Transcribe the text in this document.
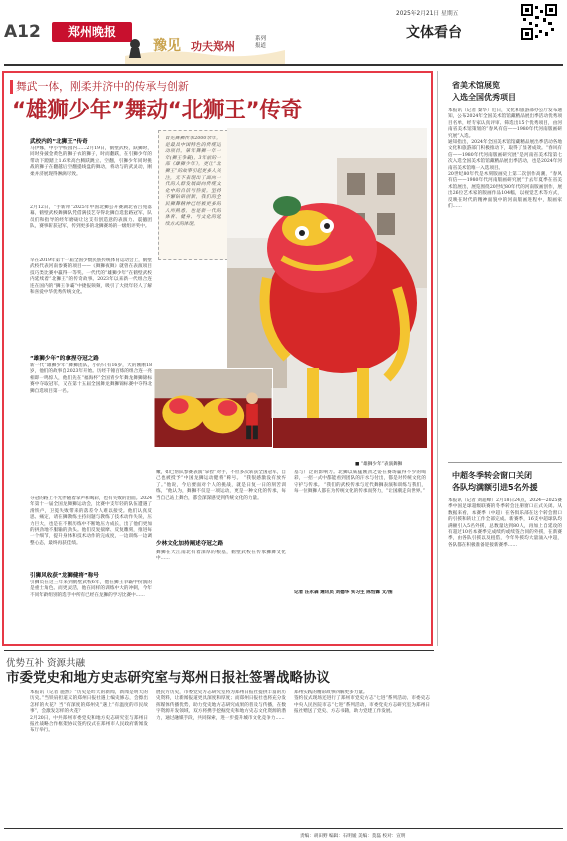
A12	郑州晚报
豫见 功夫郑州
系列
报道
2025年2月21日 星期五
文体看台
舞武一体，刚柔并济中的传承与创新
“雄狮少年”舞动“北狮王”传奇
武校内的“北狮王”传奇
马伊娜，中小学校园内……2月19日，鹤壁武校，跃狮时，同时身披金黄色的狮子衣的狮子，时而翻跃，在引狮少年的带动下蹬踏上1.6米高台腾跃跳立、空翻，引狮少年同时挑战的狮子在翻越后空翻提线盘的舞动，将动与的武灵动，刚柔并济展现得淋漓尽致。
2月12日，“手新拜”2025年中国北狮公开赛湖北省吕苑落幕，鹤壁武校舞狮队凭借满技艺夺得北狮自选套路冠军，队员们和指导的经年磨砺让这支有创造意的表演力、震撼团队，赛事斩获冠军，传到更多的北狮赛场的一级组评奖中。
早在2019年第十一届全国少数民族传统体育运动会上，鹤壁武校代表河南参赛的项目——《舞狮夜舞》就曾在表演项目技巧类比赛中赢得一等奖。一代代的“雄狮少年”在鹤壁武校内延续着“北狮王”的传奇故事。2023年以来新一代组合连连在国内的“狮王争霸”中捷报频频，吸引了大批年轻人了解和喜爱中华优秀传统文化。
“雄狮少年”的拿捏夺冠之路
新一代“雄狮少年”舞狮团队，小的只有16岁，大的刚刚18岁，他们的故事自2023年开始。历经千锤百炼的组合连一亮相即一鸣惊人，他们先在“福海杯”全国青少年舞龙舞狮锦标赛中夺取冠军，又在第十五届全国舞龙舞狮锦标赛中夺得北狮自选项目第一名。
夺冠的路上不光伴随着掌声和喝彩，也有失败的泪面。2024年第十一届全国龙舞狮运动会，比赛中支年轻的队伍遭遇了滑铁卢，卫冕失败带来的落差令人难以接受。他们认真反思、痛定，请在狮教练主持问题与教练了技术动作失误，压力巨大，也是在不断历练中不断地压力成长，出了他们更加的拼劲地不服输的劲头。他们反复揣摩、反复雕刻，推进每一个细节，提升身体和技术动作的完成度，一边训练一边调整心态，最终再获佳绩。
引狮风收获“龙狮健将”称号
引狮员在这三年来到鹤壁武校6年，他在狮王争霸中扮演的是重士角色。而更灵活，他在同样的训练中大的冲刺，今年不同年龄组别的选手中所有已经在龙狮的学习比赛中……
首先舞狮传承2000余年，是最具中国特色的传统运动项目。第年舞狮一年一年(狮王争霸)，3年前的一部《雄狮少年》，更让“北狮王”的故事引起更多人关注，无不表现出了面向一代的人群发展面向传统文化中的自信与热爱。坚持不懈钻研创新，我们的全民狮舞精神已经被更多的人所熟悉，也是新一代的体育、健身、与文化的延续方式的体现。
■ “雄狮少年”表演舞狮
嫩，如已帮队参赛表演“拿捏”对手，不但多次斩获全国冠军，自己也被授予“中国龙狮运动健将”称号。 “我很感激没有放弃了。”他说，今后要面对个人的挑战，就是日复一日的刻苦训练，“他认为，舞狮不仅是一项运动，更是一种文化的传承，每当自己站上舞台，都会深深感受到传统文化的力量。
少林文化加持阐述夺冠之路
舞狮在大江南北有着深厚的根基，鹤壁武校在传承狮舞文化中……
基与广泛的影响力。北狮以威猛刚劲之姿在赛场赢得不少的喝彩，一招一式中都能看到团队的汗水与付出，都是对传统文化的守护与传承。 “我们的武校传承与近代舞狮表演和训练与我们，每一位舞狮人都在为传统文化的传承而努力，“让国潮走向世界。”
记者 汪永森 通讯员 刘德华 实习生 陈怡霖 文/图
省美术馆展览
入选全国优秀项目
本报讯（记者 秦华）近日，文化和旅游部办公厅发布通知，公布2024年全国美术馆馆藏精品展出季活动优秀项目名单，经专家认真评审、筛选出15个优秀项目，由河南省美术馆策划的“春风有信——1980年代河南版画研究展”入选。
通知指出，2024年全国美术馆馆藏精品展出季活动各地文化和旅游部门积极推动下，取得了显著成效。“春风有信——1980年代河南版画研究展”是河南省美术馆第七次入选全国美术馆馆藏精品展出季活动，也是2024年河南省美术馆唯一入选项目。
20世纪80年代是木刻版画史上第二次创作高潮，“春风有信——1980年代河南版画研究展”于去年夏季在省美术馆展出，展览围绕20世纪80年代的河南版画创作，展出26位艺术家的版画作品104幅，以视觉艺术等方式，反映在时代的精神面貌中的河南版画进程中，版画家们……
中超冬季转会窗口关闭
各队均满额引进5名外援
本报讯（记者 刘超峰）2月18日24点，2024—2025赛季中国足球超级联赛的冬季转会注册窗口正式关闭。从数据来看，本赛季（中超）在各俱乐部在这个转会窗口的引援和转让工作全部完成。新赛季，16支中超球队均满额引入5名外援，总数量达到80人，再加上自延攻的有超过10名本赛季完成续约或续签合同的外援，在新赛季，由各队引援以及租借，今年外援均大量涌入中超，各队都在积极准备迎接新赛季……
优势互补 资源共融
市委党史和地方史志研究室与郑州日报社签署战略协议
本报讯（记者 施然）“历史是昨天的新闻，新闻是明天的历史。”当铁肩担道义的郑州日报社遇上编史修志，会擦出怎样的火花？当“有深度的郑州史”遇上“有温度的市民故事”，会激发怎样的火花？
2月20日，中共郑州市委党史和地方史志研究室与郑州日报社战略合作框架协议签约仪式在郑州市人民政府新闻发布厅举行。
展民方历史，市委党史方志研究室将为郑州日报社提供丰富的历史资料，让新闻报道更具深度和厚度；而郑州日报社也将充分发挥媒体传播优势，助力党史地方志研究成果的普及与传播，在数字资源开发领域，双方将携手挖掘党史和地方史志文化资源的潜力，通过融媒手段，共同探索，进一步提升城市文化竞争力……
郑州实践的精彩故事四解更多力量。
签约仪式现场还进行了郑州市党史方志“七进”系列活动、市委史志中央人民医院市志“七进”系列活动，市委党史方志研究室为郑州日报社赠送了党史、方志书籍，助力党建工作发展。
责编：胡田野 编辑：石明媛 美编：莫磊 校对：宣明
